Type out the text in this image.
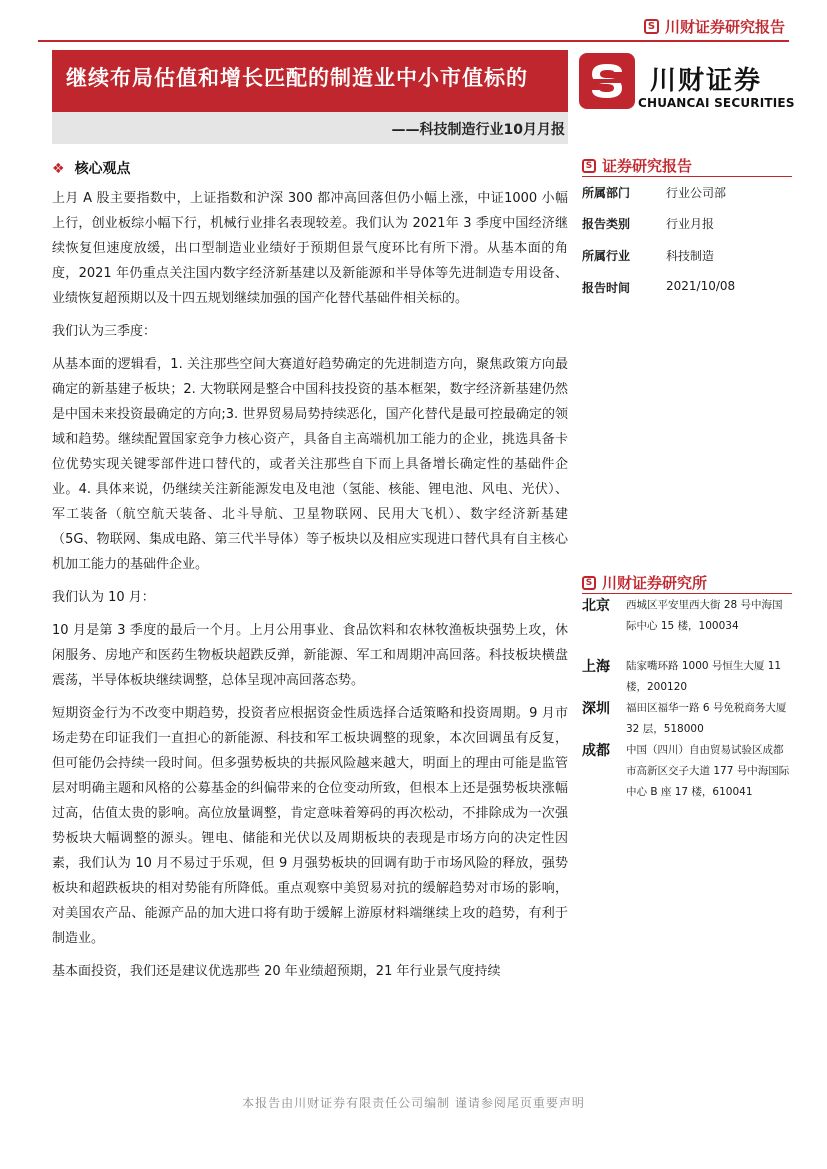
S 川财证券研究报告
继续布局估值和增长匹配的制造业中小市值标的
——科技制造行业10月月报
川财证券
CHUANCAI SECURITIES
❖ 核心观点

上月 A 股主要指数中，上证指数和沪深 300 都冲高回落但仍小幅上涨，中证1000 小幅上行，创业板综小幅下行，机械行业排名表现较差。我们认为 2021年 3 季度中国经济继续恢复但速度放缓，出口型制造业业绩好于预期但景气度环比有所下滑。从基本面的角度，2021 年仍重点关注国内数字经济新基建以及新能源和半导体等先进制造专用设备、业绩恢复超预期以及十四五规划继续加强的国产化替代基础件相关标的。

我们认为三季度：

从基本面的逻辑看，1. 关注那些空间大赛道好趋势确定的先进制造方向，聚焦政策方向最确定的新基建子板块；2. 大物联网是整合中国科技投资的基本框架，数字经济新基建仍然是中国未来投资最确定的方向;3. 世界贸易局势持续恶化，国产化替代是最可控最确定的领域和趋势。继续配置国家竞争力核心资产，具备自主高端机加工能力的企业，挑选具备卡位优势实现关键零部件进口替代的，或者关注那些自下而上具备增长确定性的基础件企业。4. 具体来说，仍继续关注新能源发电及电池（氢能、核能、锂电池、风电、光伏）、军工装备（航空航天装备、北斗导航、卫星物联网、民用大飞机）、数字经济新基建（5G、物联网、集成电路、第三代半导体）等子板块以及相应实现进口替代具有自主核心机加工能力的基础件企业。

我们认为 10 月：

10 月是第 3 季度的最后一个月。上月公用事业、食品饮料和农林牧渔板块强势上攻，休闲服务、房地产和医药生物板块超跌反弹，新能源、军工和周期冲高回落。科技板块横盘震荡，半导体板块继续调整，总体呈现冲高回落态势。

短期资金行为不改变中期趋势，投资者应根据资金性质选择合适策略和投资周期。9 月市场走势在印证我们一直担心的新能源、科技和军工板块调整的现象，本次回调虽有反复，但可能仍会持续一段时间。但多强势板块的共振风险越来越大，明面上的理由可能是监管层对明确主题和风格的公募基金的纠偏带来的仓位变动所致，但根本上还是强势板块涨幅过高，估值太贵的影响。高位放量调整，肯定意味着筹码的再次松动，不排除成为一次强势板块大幅调整的源头。锂电、储能和光伏以及周期板块的表现是市场方向的决定性因素，我们认为 10 月不易过于乐观，但 9 月强势板块的回调有助于市场风险的释放，强势板块和超跌板块的相对势能有所降低。重点观察中美贸易对抗的缓解趋势对市场的影响，对美国农产品、能源产品的加大进口将有助于缓解上游原材料端继续上攻的趋势，有利于制造业。

基本面投资，我们还是建议优选那些 20 年业绩超预期，21 年行业景气度持续

S 证券研究报告
所属部门	行业公司部
报告类别	行业月报
所属行业	科技制造
报告时间	2021/10/08
S 川财证券研究所
北京	西城区平安里西大街 28 号中海国际中心 15 楼，100034
上海	陆家嘴环路 1000 号恒生大厦 11 楼，200120
深圳	福田区福华一路 6 号免税商务大厦 32 层，518000
成都	中国（四川）自由贸易试验区成都市高新区交子大道 177 号中海国际中心 B 座 17 楼，610041
本报告由川财证券有限责任公司编制 谨请参阅尾页重要声明
